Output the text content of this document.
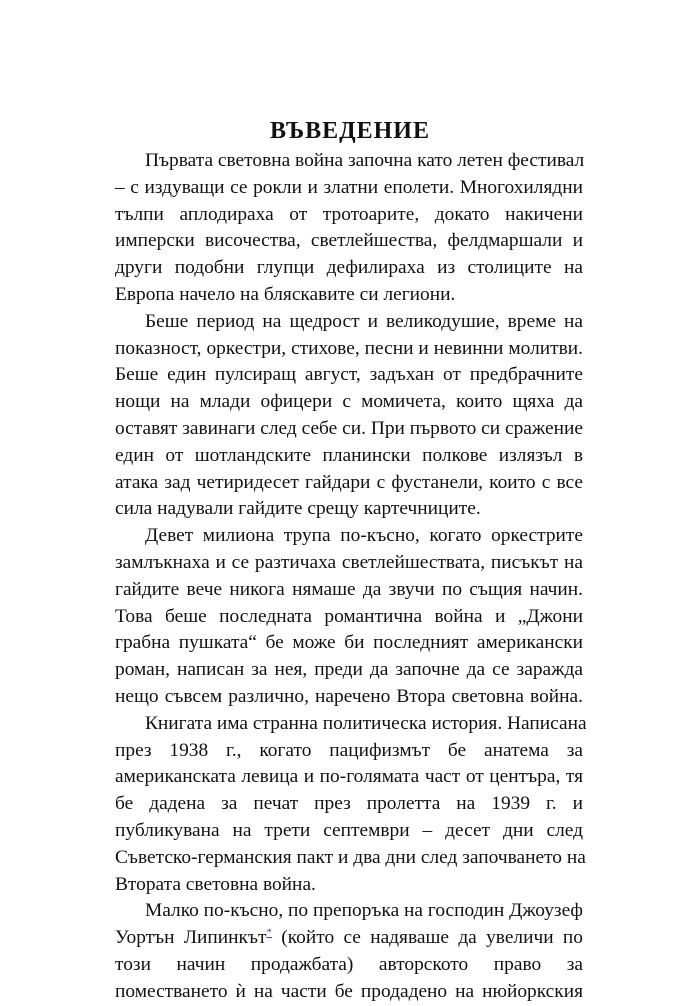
ВЪВЕДЕНИЕ
Първата световна война започна като летен фестивал
– с издуващи се рокли и златни еполети. Многохилядни
тълпи аплодираха от тротоарите, докато накичени
имперски височества, светлейшества, фелдмаршали и
други подобни глупци дефилираха из столиците на
Европа начело на бляскавите си легиони.
Беше период на щедрост и великодушие, време на
показност, оркестри, стихове, песни и невинни молитви.
Беше един пулсиращ август, задъхан от предбрачните
нощи на млади офицери с момичета, които щяха да
оставят завинаги след себе си. При първото си сражение
един от шотландските планински полкове излязъл в
атака зад четиридесет гайдари с фустанели, които с все
сила надували гайдите срещу картечниците.
Девет милиона трупа по-късно, когато оркестрите
замлъкнаха и се разтичаха светлейшествата, писъкът на
гайдите вече никога нямаше да звучи по същия начин.
Това беше последната романтична война и „Джони
грабна пушката“ бе може би последният американски
роман, написан за нея, преди да започне да се заражда
нещо съвсем различно, наречено Втора световна война.
Книгата има странна политическа история. Написана
през 1938 г., когато пацифизмът бе анатема за
американската левица и по-голямата част от центъра, тя
бе дадена за печат през пролетта на 1939 г. и
публикувана на трети септември – десет дни след
Съветско-германския пакт и два дни след започването на
Втората световна война.
Малко по-късно, по препоръка на господин Джоузеф
Уортън Липинкът* (който се надяваше да увеличи по
този начин продажбата) авторското право за
поместването ѝ на части бе продадено на нюйоркския
